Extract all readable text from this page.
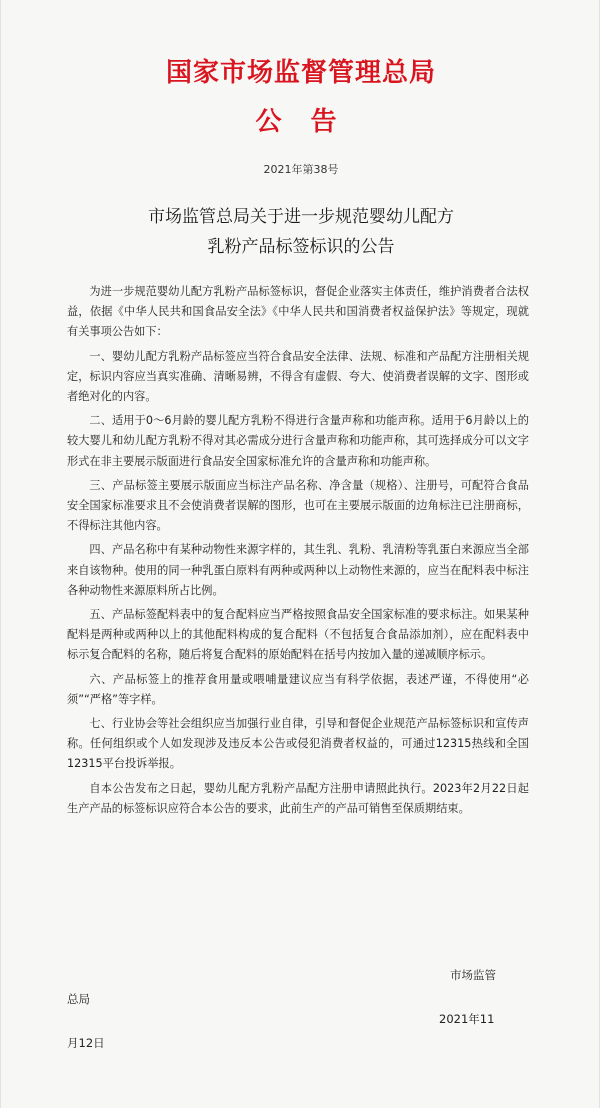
国家市场监督管理总局
公 告
2021年第38号
市场监管总局关于进一步规范婴幼儿配方
乳粉产品标签标识的公告

为进一步规范婴幼儿配方乳粉产品标签标识，督促企业落实主体责任，维护消费者合法权益，依据《中华人民共和国食品安全法》《中华人民共和国消费者权益保护法》等规定，现就有关事项公告如下：

一、婴幼儿配方乳粉产品标签应当符合食品安全法律、法规、标准和产品配方注册相关规定，标识内容应当真实准确、清晰易辨，不得含有虚假、夸大、使消费者误解的文字、图形或者绝对化的内容。

二、适用于0～6月龄的婴儿配方乳粉不得进行含量声称和功能声称。适用于6月龄以上的较大婴儿和幼儿配方乳粉不得对其必需成分进行含量声称和功能声称，其可选择成分可以文字形式在非主要展示版面进行食品安全国家标准允许的含量声称和功能声称。

三、产品标签主要展示版面应当标注产品名称、净含量（规格）、注册号，可配符合食品安全国家标准要求且不会使消费者误解的图形，也可在主要展示版面的边角标注已注册商标，不得标注其他内容。

四、产品名称中有某种动物性来源字样的，其生乳、乳粉、乳清粉等乳蛋白来源应当全部来自该物种。使用的同一种乳蛋白原料有两种或两种以上动物性来源的，应当在配料表中标注各种动物性来源原料所占比例。

五、产品标签配料表中的复合配料应当严格按照食品安全国家标准的要求标注。如果某种配料是两种或两种以上的其他配料构成的复合配料（不包括复合食品添加剂），应在配料表中标示复合配料的名称，随后将复合配料的原始配料在括号内按加入量的递减顺序标示。

六、产品标签上的推荐食用量或喂哺量建议应当有科学依据，表述严谨，不得使用“必须”“严格”等字样。

七、行业协会等社会组织应当加强行业自律，引导和督促企业规范产品标签标识和宣传声称。任何组织或个人如发现涉及违反本公告或侵犯消费者权益的，可通过12315热线和全国12315平台投诉举报。

自本公告发布之日起，婴幼儿配方乳粉产品配方注册申请照此执行。2023年2月22日起生产产品的标签标识应符合本公告的要求，此前生产的产品可销售至保质期结束。

市场监管
总局
2021年11
月12日
